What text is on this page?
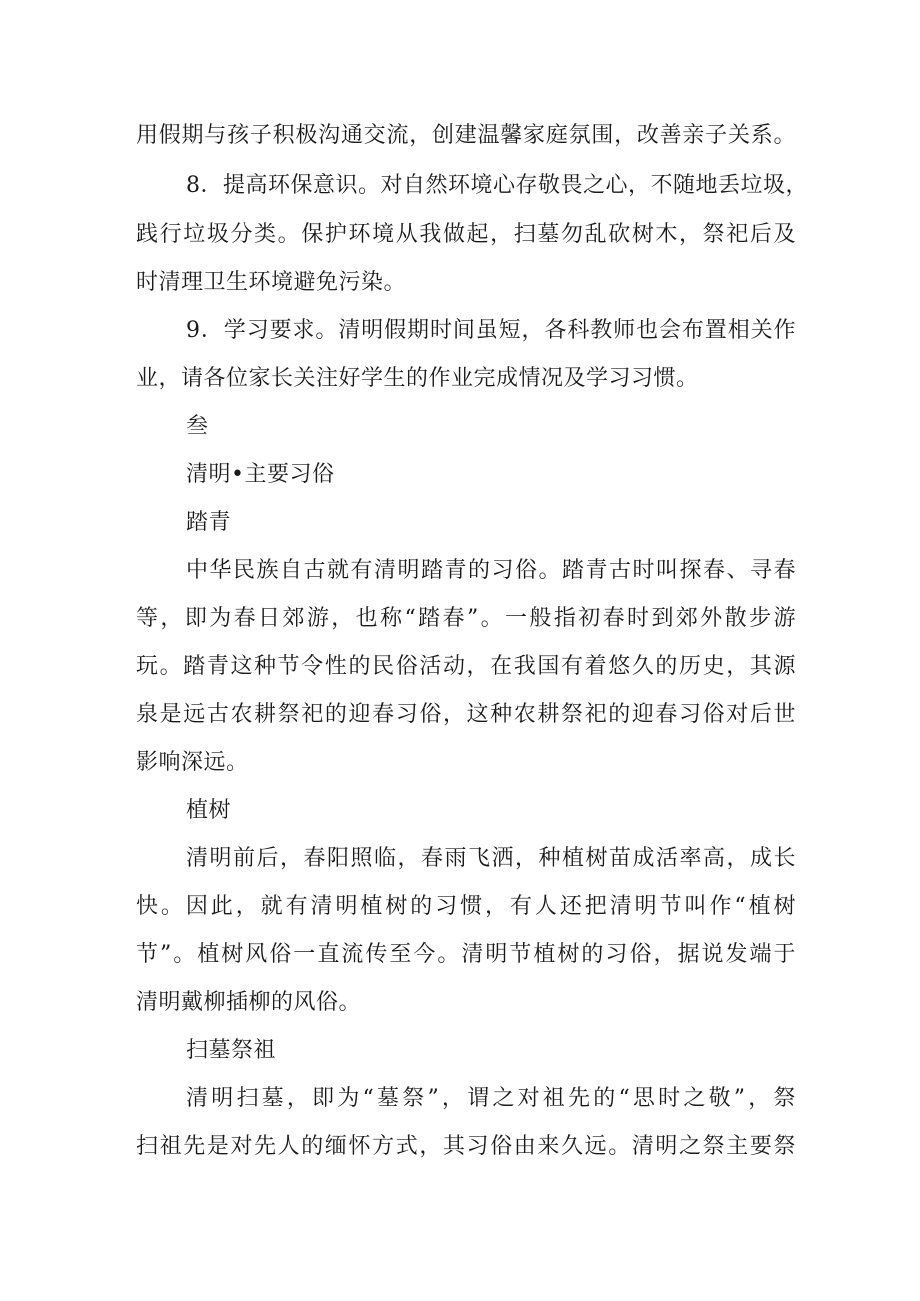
用假期与孩子积极沟通交流，创建温馨家庭氛围，改善亲子关系。
8．提高环保意识。对自然环境心存敬畏之心，不随地丢垃圾，
践行垃圾分类。保护环境从我做起，扫墓勿乱砍树木，祭祀后及
时清理卫生环境避免污染。
9．学习要求。清明假期时间虽短，各科教师也会布置相关作
业，请各位家长关注好学生的作业完成情况及学习习惯。
叁
清明•主要习俗
踏青
中华民族自古就有清明踏青的习俗。踏青古时叫探春、寻春
等，即为春日郊游，也称“踏春”。一般指初春时到郊外散步游
玩。踏青这种节令性的民俗活动，在我国有着悠久的历史，其源
泉是远古农耕祭祀的迎春习俗，这种农耕祭祀的迎春习俗对后世
影响深远。
植树
清明前后，春阳照临，春雨飞洒，种植树苗成活率高，成长
快。因此，就有清明植树的习惯，有人还把清明节叫作“植树
节”。植树风俗一直流传至今。清明节植树的习俗，据说发端于
清明戴柳插柳的风俗。
扫墓祭祖
清明扫墓，即为“墓祭”，谓之对祖先的“思时之敬”，祭
扫祖先是对先人的缅怀方式，其习俗由来久远。清明之祭主要祭
